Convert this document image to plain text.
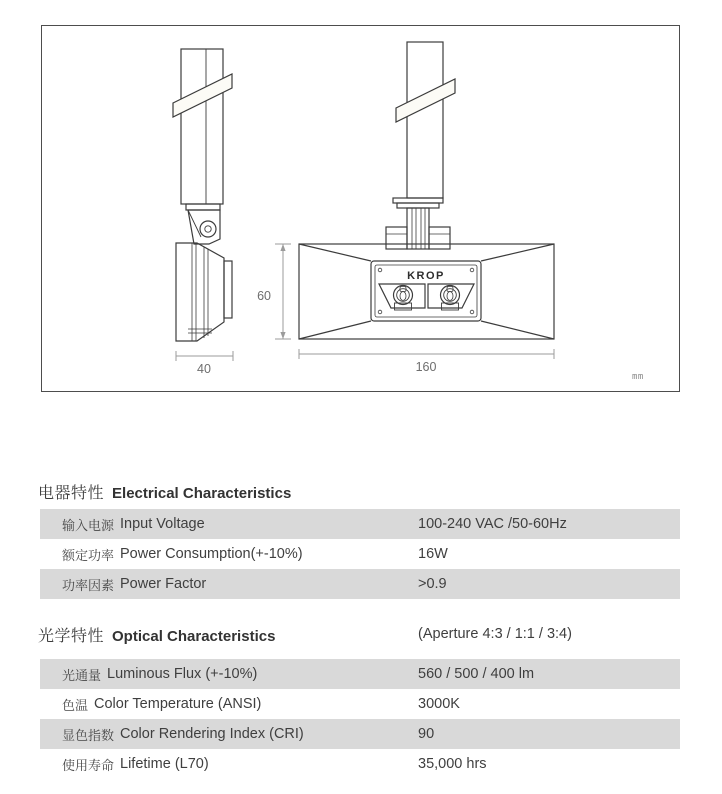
KROP
40
60
160
mm
电器特性 Electrical Characteristics
输入电源 Input Voltage	100-240 VAC /50-60Hz
额定功率 Power Consumption(+-10%)	16W
功率因素 Power Factor	>0.9
光学特性 Optical Characteristics	(Aperture 4:3 / 1:1 / 3:4)
光通量 Luminous Flux (+-10%)	560 / 500 / 400 lm
色温 Color Temperature (ANSI)	3000K
显色指数 Color Rendering Index (CRI)	90
使用寿命 Lifetime (L70)	35,000 hrs
